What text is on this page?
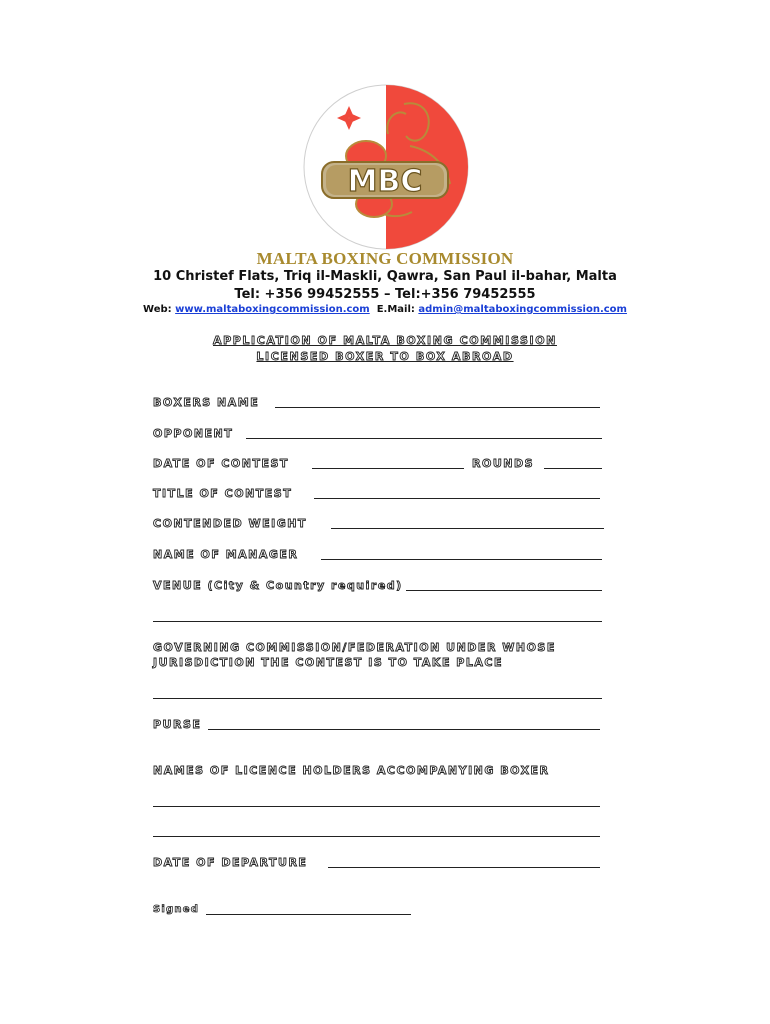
MBC
MALTA BOXING COMMISSION
10 Christef Flats, Triq il-Maskli, Qawra, San Paul il-bahar, Malta
Tel: +356 99452555 – Tel:+356 79452555
Web: www.maltaboxingcommission.com E.Mail: admin@maltaboxingcommission.com
APPLICATION OF MALTA BOXING COMMISSION
LICENSED BOXER TO BOX ABROAD
BOXERS NAME
OPPONENT
DATE OF CONTEST	ROUNDS
TITLE OF CONTEST
CONTENDED WEIGHT
NAME OF MANAGER
VENUE (City & Country required)
GOVERNING COMMISSION/FEDERATION UNDER WHOSE
JURISDICTION THE CONTEST IS TO TAKE PLACE
PURSE
NAMES OF LICENCE HOLDERS ACCOMPANYING BOXER
DATE OF DEPARTURE
Signed
